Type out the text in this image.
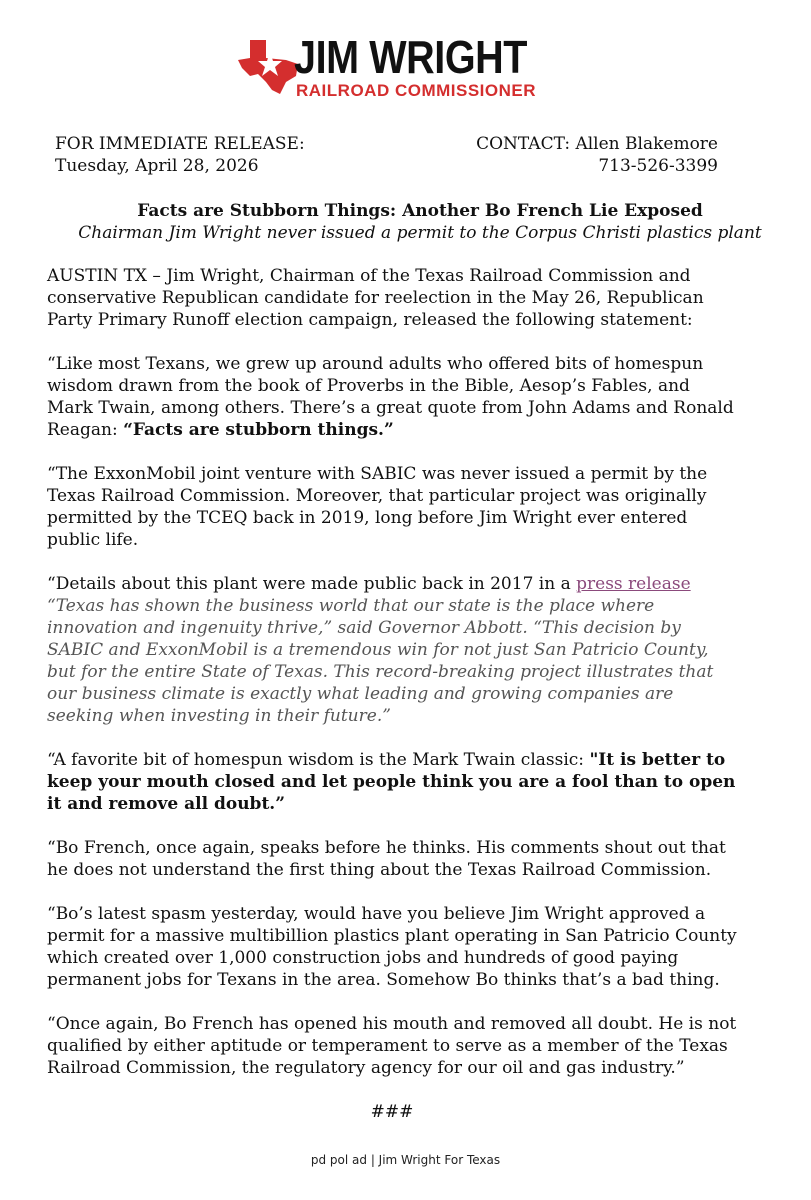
JIM WRIGHT
RAILROAD COMMISSIONER
FOR IMMEDIATE RELEASE:
Tuesday, April 28, 2026
CONTACT: Allen Blakemore
713-526-3399
Facts are Stubborn Things: Another Bo French Lie Exposed
Chairman Jim Wright never issued a permit to the Corpus Christi plastics plant

AUSTIN TX – Jim Wright, Chairman of the Texas Railroad Commission and conservative Republican candidate for reelection in the May 26, Republican Party Primary Runoff election campaign, released the following statement:

“Like most Texans, we grew up around adults who offered bits of homespun wisdom drawn from the book of Proverbs in the Bible, Aesop’s Fables, and Mark Twain, among others. There’s a great quote from John Adams and Ronald Reagan: “Facts are stubborn things.”

“The ExxonMobil joint venture with SABIC was never issued a permit by the Texas Railroad Commission. Moreover, that particular project was originally permitted by the TCEQ back in 2019, long before Jim Wright ever entered public life.

“Details about this plant were made public back in 2017 in a press release “Texas has shown the business world that our state is the place where innovation and ingenuity thrive,” said Governor Abbott. “This decision by SABIC and ExxonMobil is a tremendous win for not just San Patricio County, but for the entire State of Texas. This record-breaking project illustrates that our business climate is exactly what leading and growing companies are seeking when investing in their future.”

“A favorite bit of homespun wisdom is the Mark Twain classic: "It is better to keep your mouth closed and let people think you are a fool than to open it and remove all doubt.”

“Bo French, once again, speaks before he thinks. His comments shout out that he does not understand the first thing about the Texas Railroad Commission.

“Bo’s latest spasm yesterday, would have you believe Jim Wright approved a permit for a massive multibillion plastics plant operating in San Patricio County which created over 1,000 construction jobs and hundreds of good paying permanent jobs for Texans in the area. Somehow Bo thinks that’s a bad thing.

“Once again, Bo French has opened his mouth and removed all doubt. He is not qualified by either aptitude or temperament to serve as a member of the Texas Railroad Commission, the regulatory agency for our oil and gas industry.”

###

pd pol ad | Jim Wright For Texas
